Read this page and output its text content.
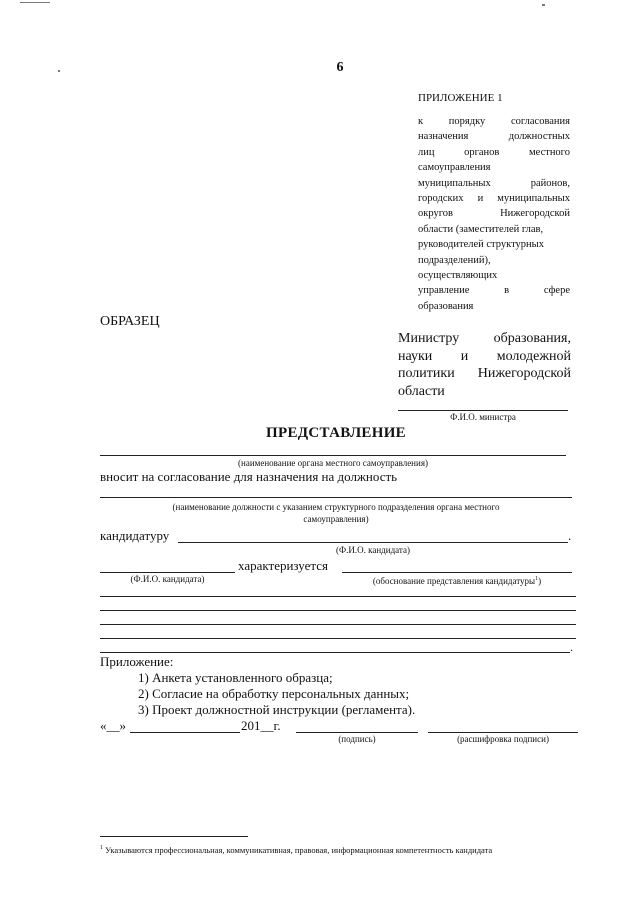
6
ПРИЛОЖЕНИЕ 1
к порядку согласования
назначения	должностных
лиц	органов	местного
самоуправления
муниципальных	районов,
городских и муниципальных
округов	Нижегородской
области (заместителей глав,
руководителей структурных
подразделений),
осуществляющих
управление	в	сфере
образования
ОБРАЗЕЦ
Министру образования,
науки и молодежной
политики Нижегородской
области
Ф.И.О. министра
ПРЕДСТАВЛЕНИЕ
(наименование органа местного самоуправления)
вносит на согласование для назначения на должность
(наименование должности с указанием структурного подразделения органа местного
самоуправления)
кандидатуру	.
(Ф.И.О. кандидата)
характеризуется
(Ф.И.О. кандидата)	(обоснование представления кандидатуры$^1$)
.
Приложение:
1) Анкета установленного образца;
2) Согласие на обработку персональных данных;
3) Проект должностной инструкции (регламента).
«__»	201__г.
(подпись)	(расшифровка подписи)
$^1$ Указываются профессиональная, коммуникативная, правовая, информационная компетентность кандидата
